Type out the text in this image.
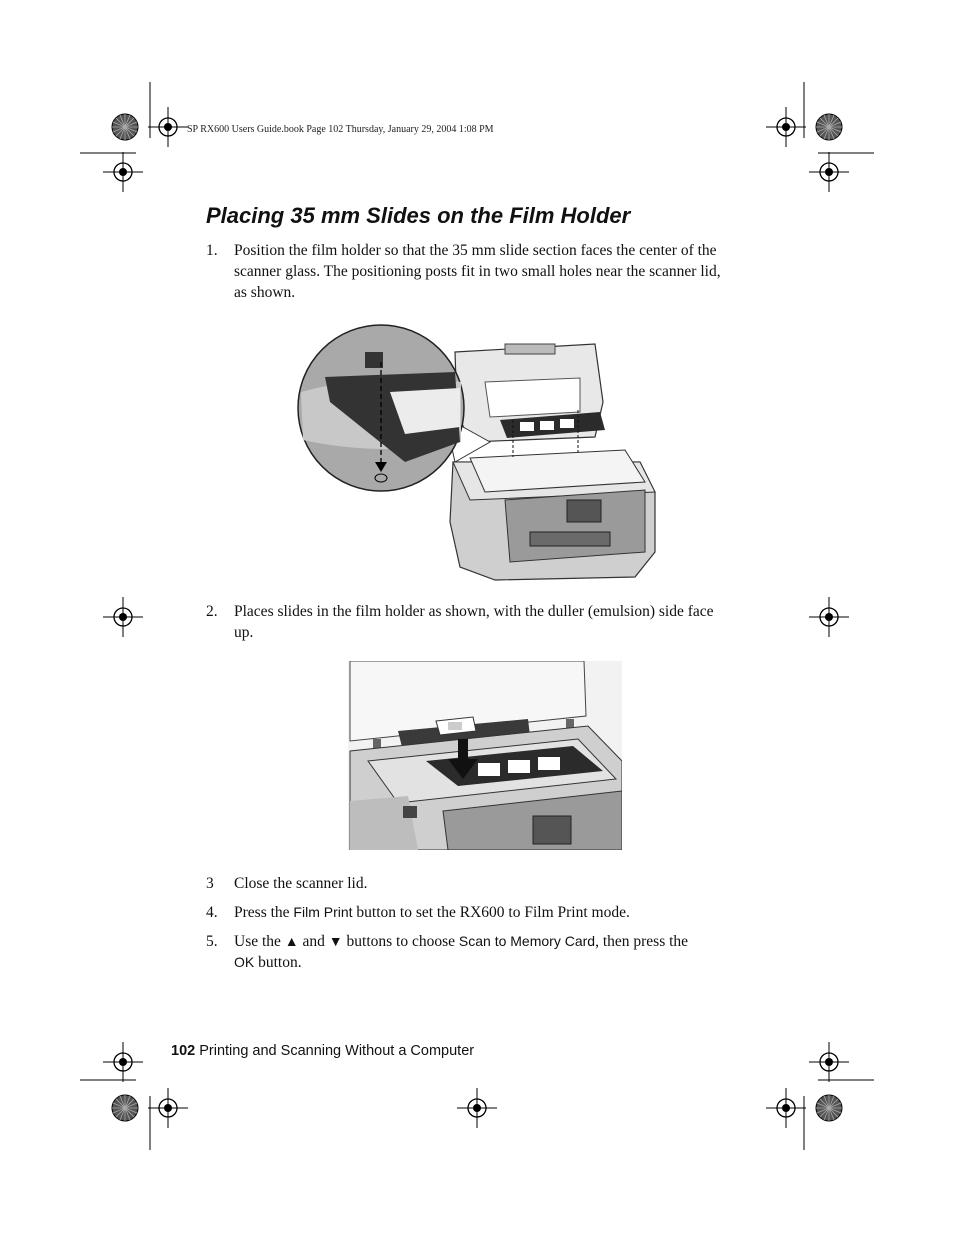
SP RX600 Users Guide.book Page 102 Thursday, January 29, 2004 1:08 PM
Placing 35 mm Slides on the Film Holder
1. Position the film holder so that the 35 mm slide section faces the center of the
scanner glass. The positioning posts fit in two small holes near the scanner lid,
as shown.
2. Places slides in the film holder as shown, with the duller (emulsion) side face
up.
3 Close the scanner lid.
4. Press the Film Print button to set the RX600 to Film Print mode.
5. Use the ▲ and ▼ buttons to choose Scan to Memory Card, then press the
OK button.
102 Printing and Scanning Without a Computer
